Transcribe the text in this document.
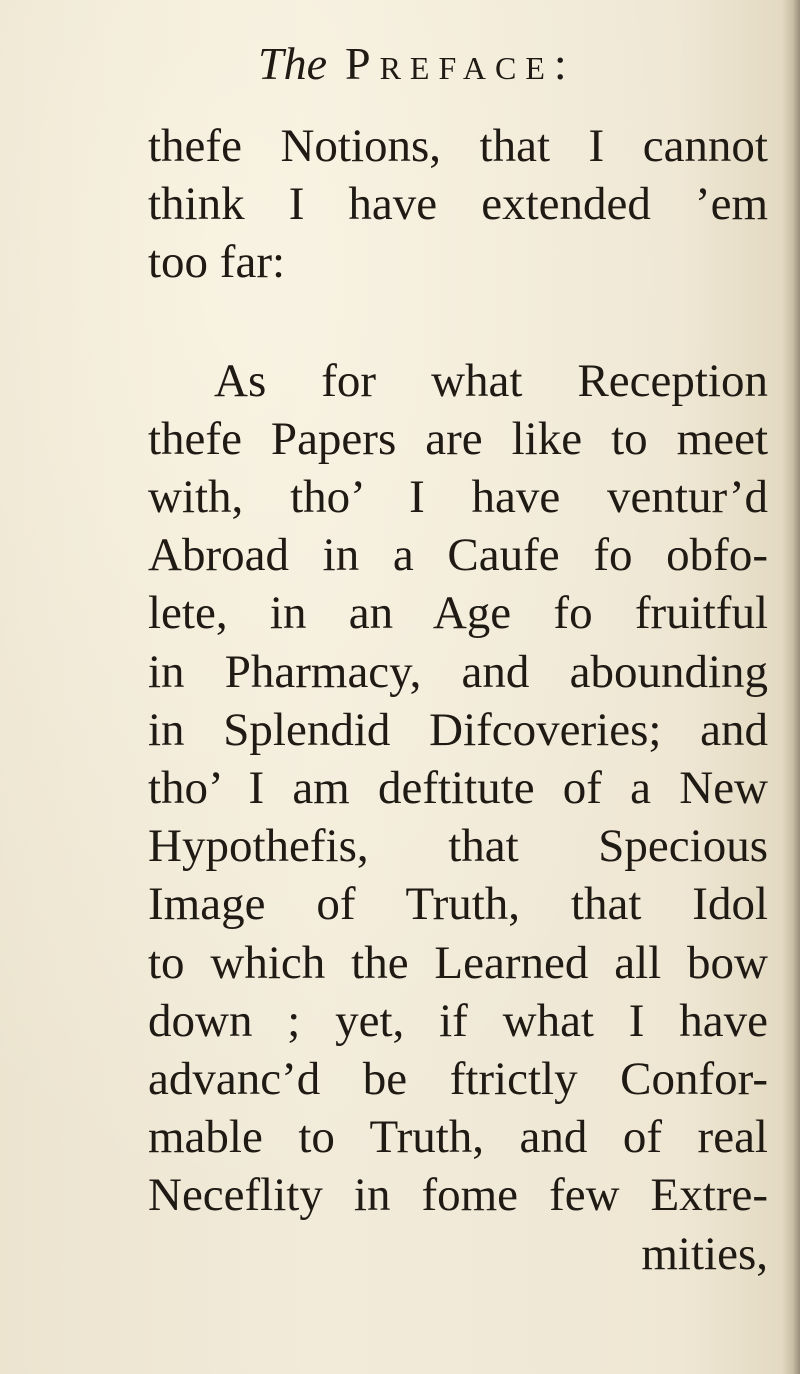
The Preface:
thefe Notions, that I cannot
think I have extended ’em
too far:
As for what Reception
thefe Papers are like to meet
with, tho’ I have ventur’d
Abroad in a Caufe fo obfo-
lete, in an Age fo fruitful
in Pharmacy, and abounding
in Splendid Difcoveries; and
tho’ I am deftitute of a New
Hypothefis, that Specious
Image of Truth, that Idol
to which the Learned all bow
down ; yet, if what I have
advanc’d be ftrictly Confor-
mable to Truth, and of real
Neceflity in fome few Extre-
mities,
